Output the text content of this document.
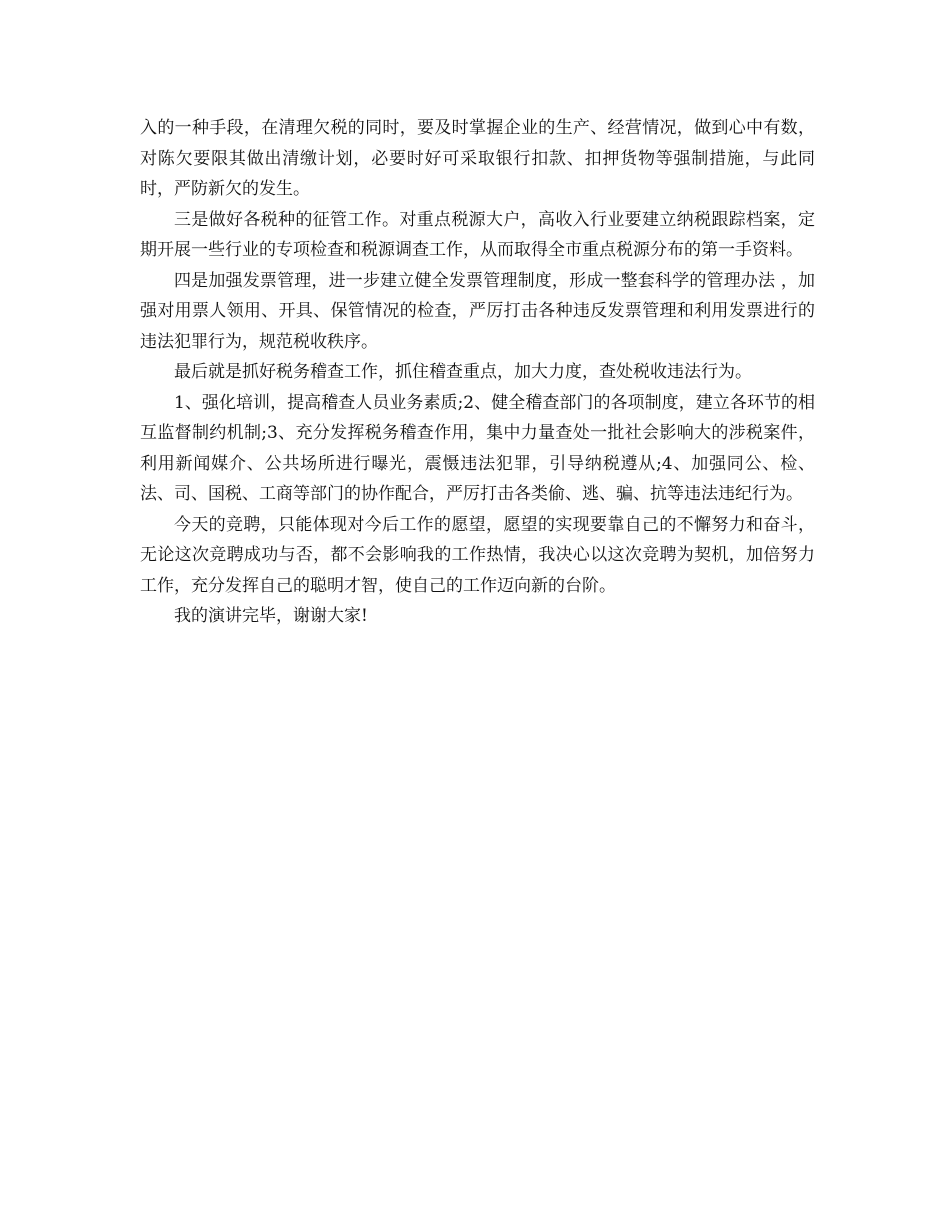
入的一种手段，在清理欠税的同时，要及时掌握企业的生产、经营情况，做到心中有数，对陈欠要限其做出清缴计划，必要时好可采取银行扣款、扣押货物等强制措施，与此同时，严防新欠的发生。

三是做好各税种的征管工作。对重点税源大户，高收入行业要建立纳税跟踪档案，定期开展一些行业的专项检查和税源调查工作，从而取得全市重点税源分布的第一手资料。

四是加强发票管理，进一步建立健全发票管理制度，形成一整套科学的管理办法 ，加强对用票人领用、开具、保管情况的检查，严厉打击各种违反发票管理和利用发票进行的违法犯罪行为，规范税收秩序。

最后就是抓好税务稽查工作，抓住稽查重点，加大力度，查处税收违法行为。

1、强化培训，提高稽查人员业务素质;2、健全稽查部门的各项制度，建立各环节的相互监督制约机制;3、充分发挥税务稽查作用，集中力量查处一批社会影响大的涉税案件，利用新闻媒介、公共场所进行曝光，震慑违法犯罪，引导纳税遵从;4、加强同公、检、法、司、国税、工商等部门的协作配合，严厉打击各类偷、逃、骗、抗等违法违纪行为。

今天的竞聘，只能体现对今后工作的愿望，愿望的实现要靠自己的不懈努力和奋斗，无论这次竞聘成功与否，都不会影响我的工作热情，我决心以这次竞聘为契机，加倍努力工作，充分发挥自己的聪明才智，使自己的工作迈向新的台阶。

我的演讲完毕，谢谢大家!
